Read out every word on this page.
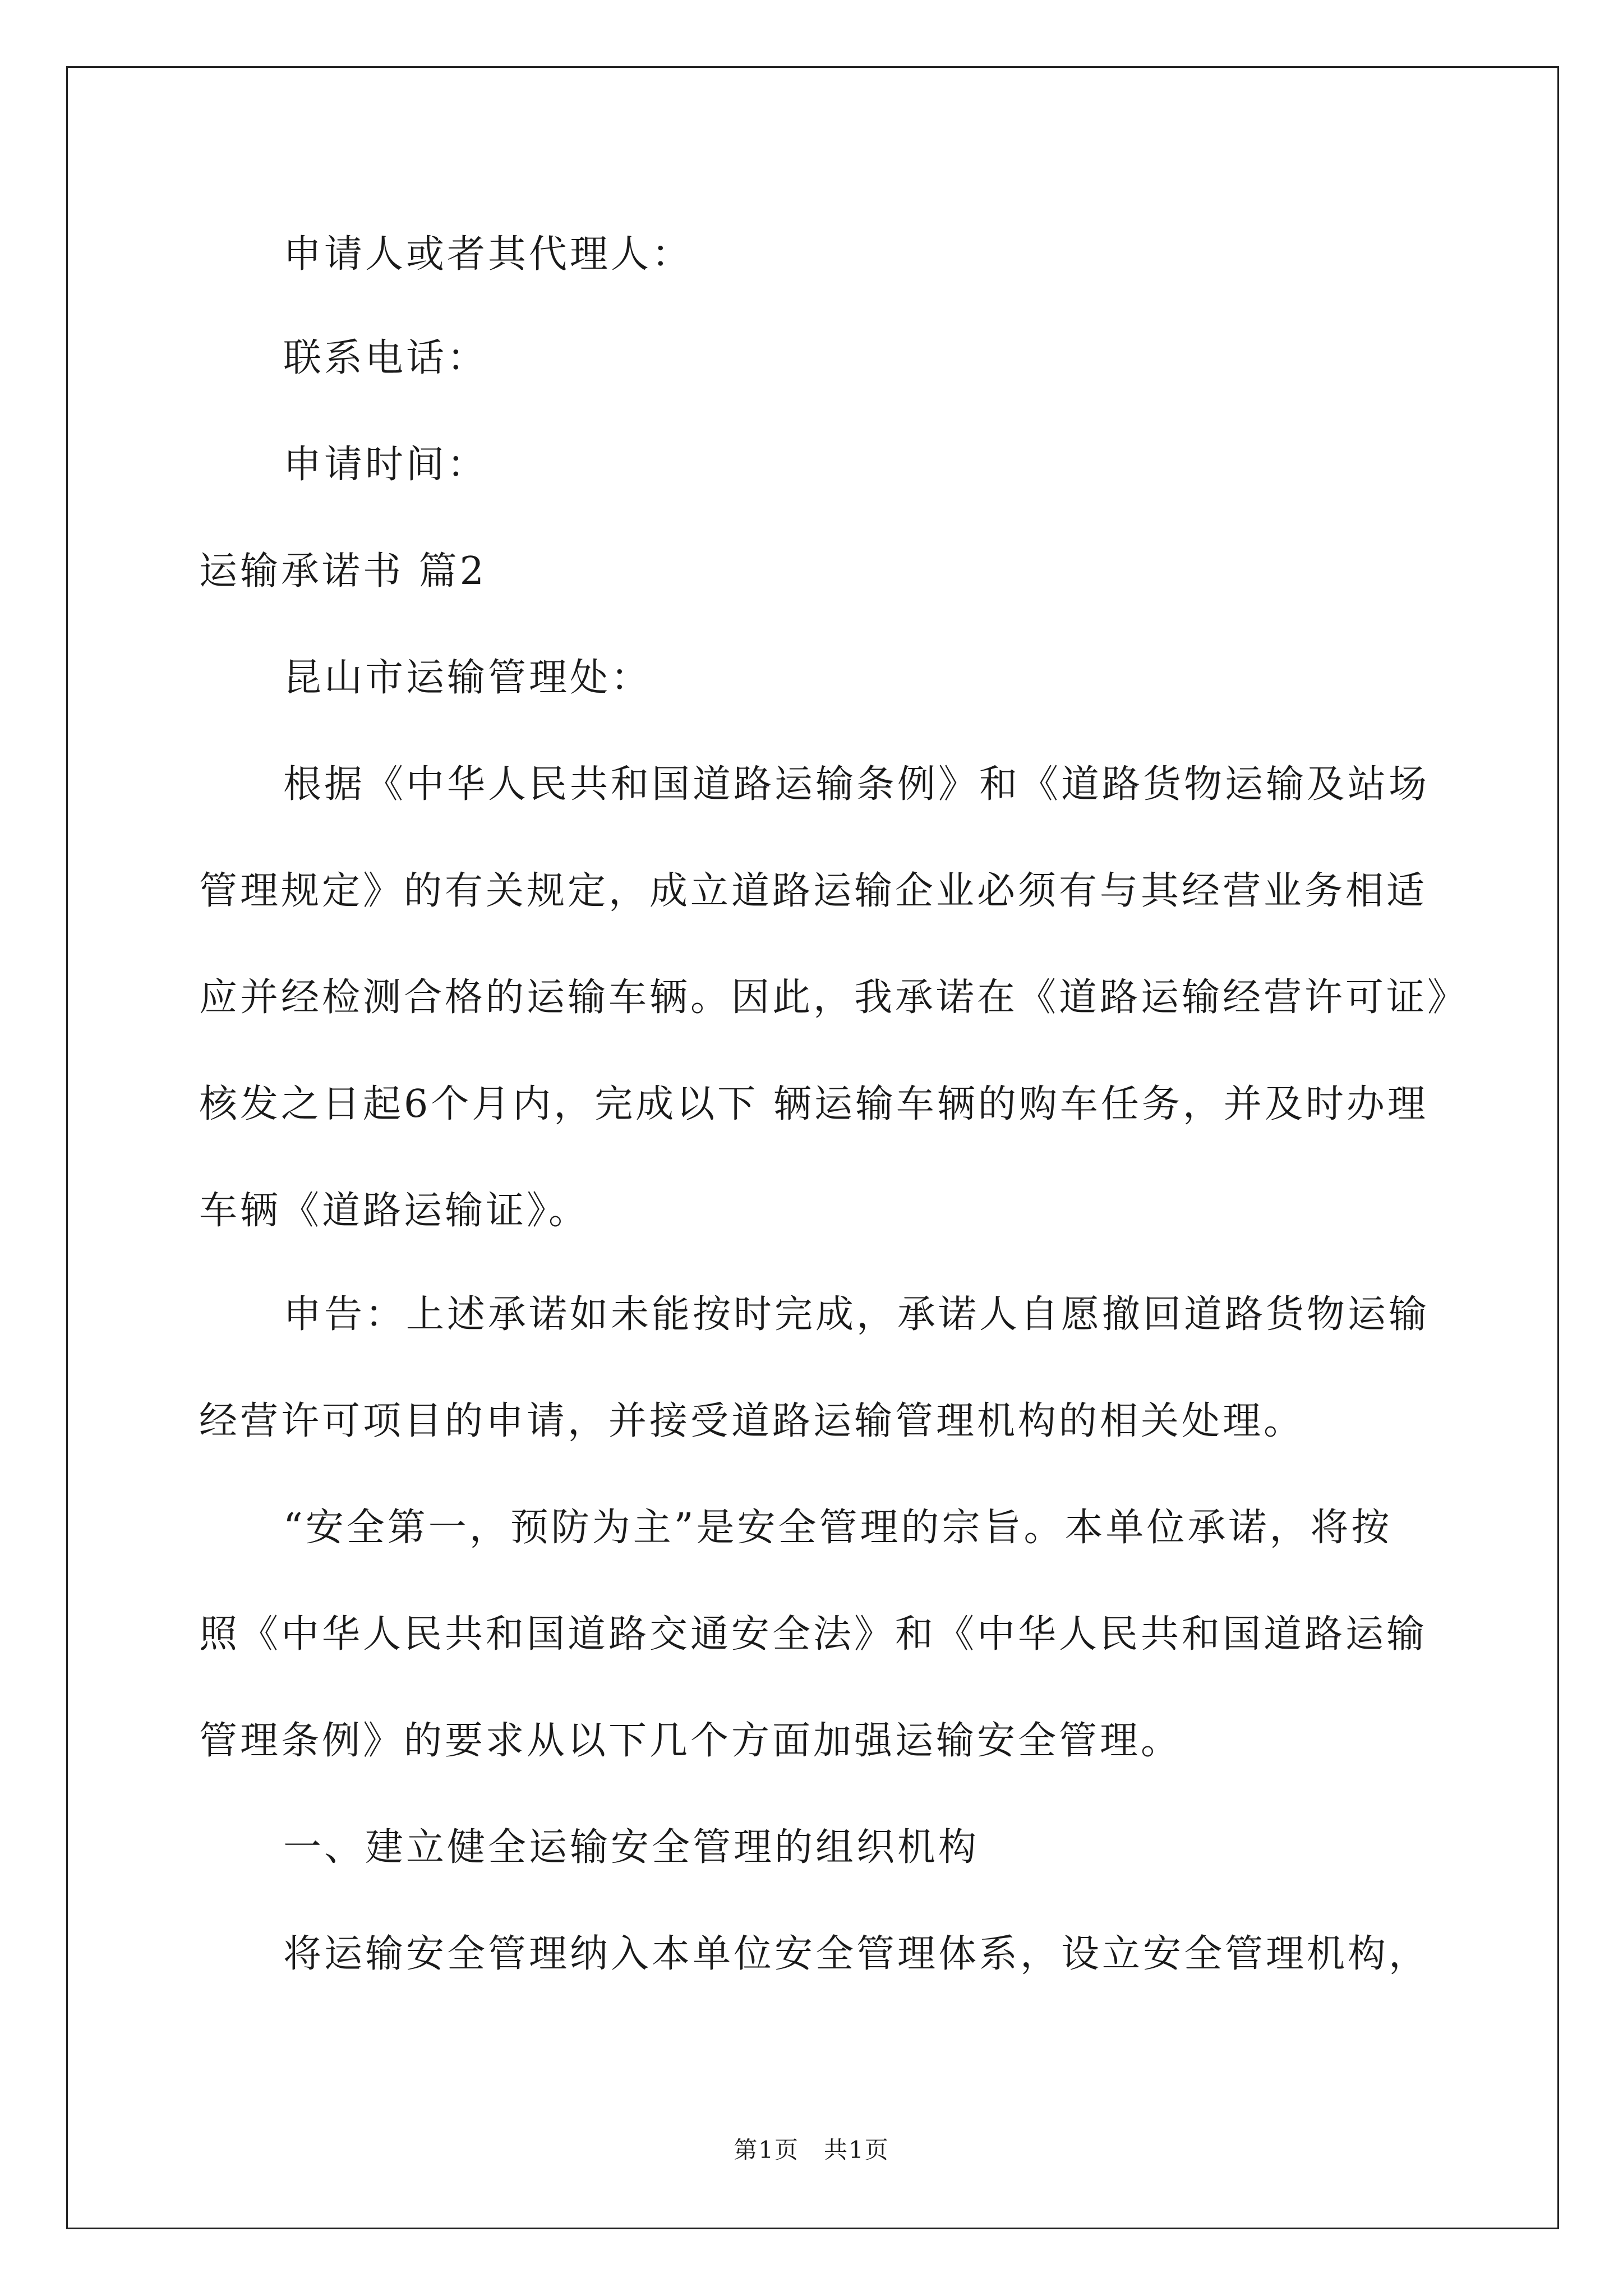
申请人或者其代理人：
联系电话：
申请时间：
运输承诺书 篇2
昆山市运输管理处：
根据《中华人民共和国道路运输条例》和《道路货物运输及站场
管理规定》的有关规定，成立道路运输企业必须有与其经营业务相适
应并经检测合格的运输车辆。因此，我承诺在《道路运输经营许可证》
核发之日起6个月内，完成以下 辆运输车辆的购车任务，并及时办理
车辆《道路运输证》。
申告：上述承诺如未能按时完成，承诺人自愿撤回道路货物运输
经营许可项目的申请，并接受道路运输管理机构的相关处理。
“安全第一，预防为主”是安全管理的宗旨。本单位承诺，将按
照《中华人民共和国道路交通安全法》和《中华人民共和国道路运输
管理条例》的要求从以下几个方面加强运输安全管理。
一、建立健全运输安全管理的组织机构
将运输安全管理纳入本单位安全管理体系，设立安全管理机构，
第1页　共1页
